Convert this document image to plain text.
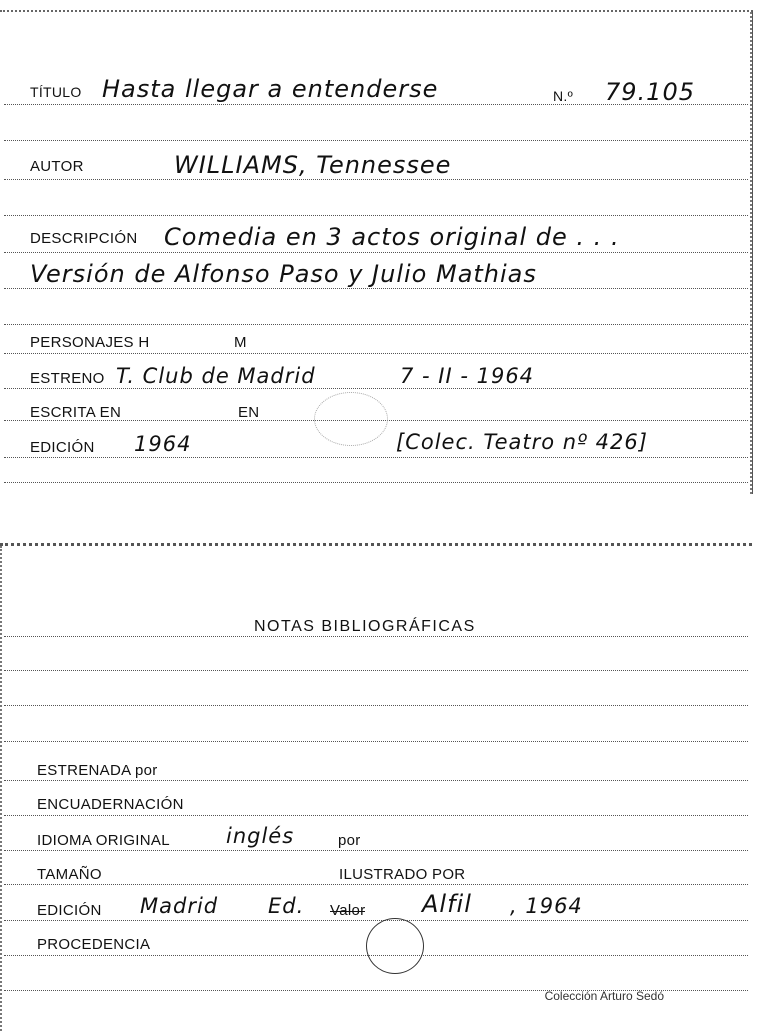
TÍTULO Hasta llegar a entenderse	N.º 79.105
AUTOR	WILLIAMS, Tennessee
DESCRIPCIÓN Comedia en 3 actos original de . . .
Versión de Alfonso Paso y Julio Mathias
PERSONAJES H	M
ESTRENO T. Club de Madrid	7 - II - 1964
ESCRITA EN	EN
EDICIÓN 1964	[Colec. Teatro nº 426]
NOTAS BIBLIOGRÁFICAS
ESTRENADA por
ENCUADERNACIÓN
IDIOMA ORIGINAL	inglés	por
TAMAÑO	ILUSTRADO POR
EDICIÓN Madrid Ed. Valor Alfil , 1964
PROCEDENCIA
Colección Arturo Sedó
